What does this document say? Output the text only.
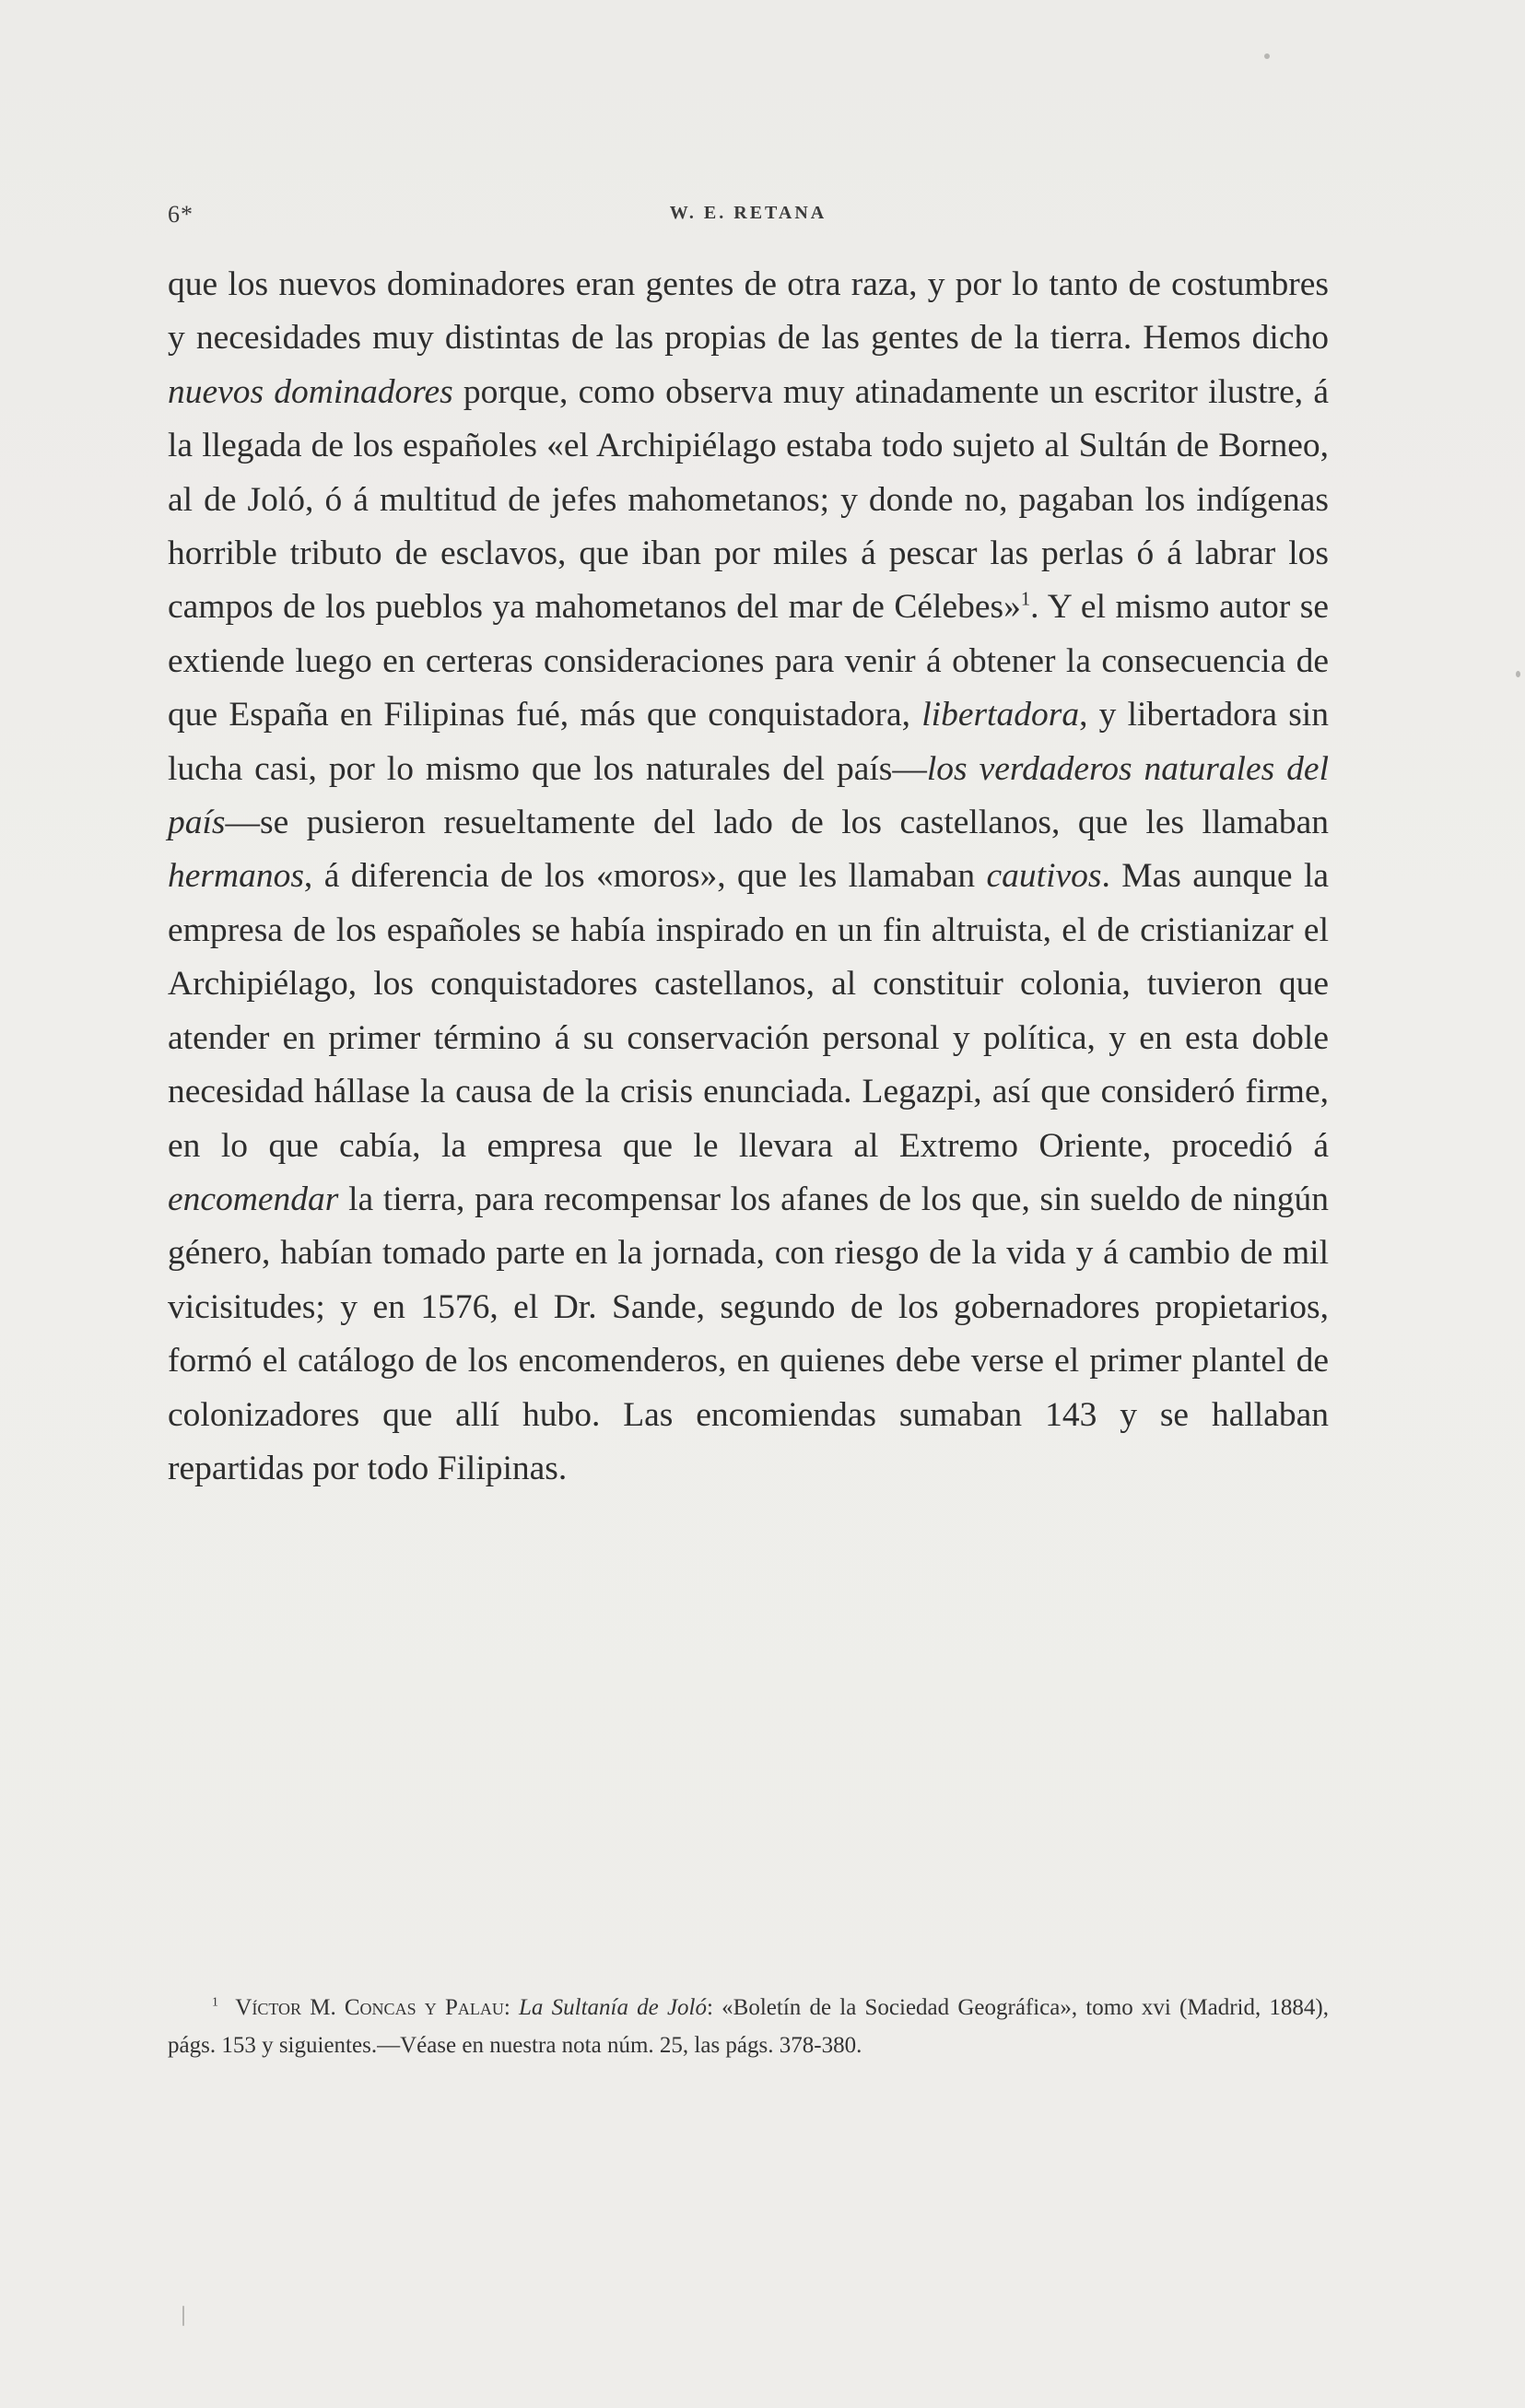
6*	W. E. RETANA

que los nuevos dominadores eran gentes de otra raza, y por lo tanto de costumbres y necesidades muy distintas de las propias de las gentes de la tierra. Hemos dicho nuevos dominadores porque, como observa muy atinadamente un escritor ilustre, á la llegada de los españoles «el Archipiélago estaba todo sujeto al Sultán de Borneo, al de Joló, ó á multitud de jefes mahometanos; y donde no, pagaban los indígenas horrible tributo de esclavos, que iban por miles á pescar las perlas ó á labrar los campos de los pueblos ya mahometanos del mar de Célebes»$^1$. Y el mismo autor se extiende luego en certeras consideraciones para venir á obtener la consecuencia de que España en Filipinas fué, más que conquistadora, libertadora, y libertadora sin lucha casi, por lo mismo que los naturales del país—los verdaderos naturales del país—se pusieron resueltamente del lado de los castellanos, que les llamaban hermanos, á diferencia de los «moros», que les llamaban cautivos. Mas aunque la empresa de los españoles se había inspirado en un fin altruista, el de cristianizar el Archipiélago, los conquistadores castellanos, al constituir colonia, tuvieron que atender en primer término á su conservación personal y política, y en esta doble necesidad hállase la causa de la crisis enunciada. Legazpi, así que consideró firme, en lo que cabía, la empresa que le llevara al Extremo Oriente, procedió á encomendar la tierra, para recompensar los afanes de los que, sin sueldo de ningún género, habían tomado parte en la jornada, con riesgo de la vida y á cambio de mil vicisitudes; y en 1576, el Dr. Sande, segundo de los gobernadores propietarios, formó el catálogo de los encomenderos, en quienes debe verse el primer plantel de colonizadores que allí hubo. Las encomiendas sumaban 143 y se hallaban repartidas por todo Filipinas.

$^1$ Víctor M. Concas y Palau: La Sultanía de Joló: «Boletín de la Sociedad Geográfica», tomo xvi (Madrid, 1884), págs. 153 y siguientes.—Véase en nuestra nota núm. 25, las págs. 378-380.
